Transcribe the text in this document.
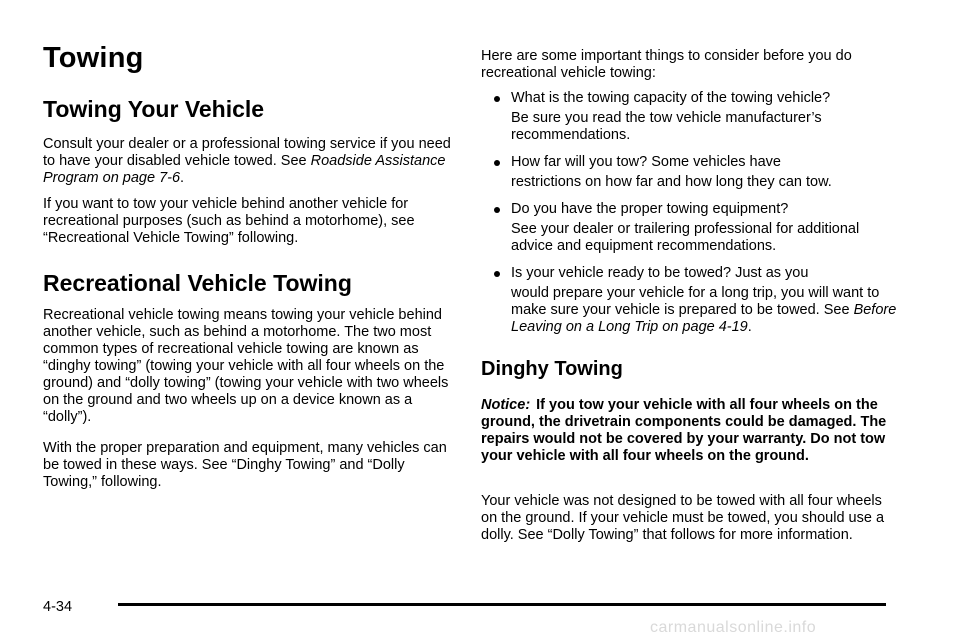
Towing
Towing Your Vehicle

Consult your dealer or a professional towing service if you need to have your disabled vehicle towed. See Roadside Assistance Program on page 7-6.

If you want to tow your vehicle behind another vehicle for recreational purposes (such as behind a motorhome), see “Recreational Vehicle Towing” following.

Recreational Vehicle Towing

Recreational vehicle towing means towing your vehicle behind another vehicle, such as behind a motorhome. The two most common types of recreational vehicle towing are known as “dinghy towing” (towing your vehicle with all four wheels on the ground) and “dolly towing” (towing your vehicle with two wheels on the ground and two wheels up on a device known as a “dolly”).

With the proper preparation and equipment, many vehicles can be towed in these ways. See “Dinghy Towing” and “Dolly Towing,” following.

Here are some important things to consider before you do recreational vehicle towing:

What is the towing capacity of the towing vehicle?
Be sure you read the tow vehicle manufacturer’s recommendations.
How far will you tow? Some vehicles have
restrictions on how far and how long they can tow.
Do you have the proper towing equipment?
See your dealer or trailering professional for additional advice and equipment recommendations.
Is your vehicle ready to be towed? Just as you
would prepare your vehicle for a long trip, you will want to make sure your vehicle is prepared to be towed. See Before Leaving on a Long Trip on page 4-19.
Dinghy Towing

Notice: If you tow your vehicle with all four wheels on the ground, the drivetrain components could be damaged. The repairs would not be covered by your warranty. Do not tow your vehicle with all four wheels on the ground.

Your vehicle was not designed to be towed with all four wheels on the ground. If your vehicle must be towed, you should use a dolly. See “Dolly Towing” that follows for more information.

4-34
carmanualsonline.info
